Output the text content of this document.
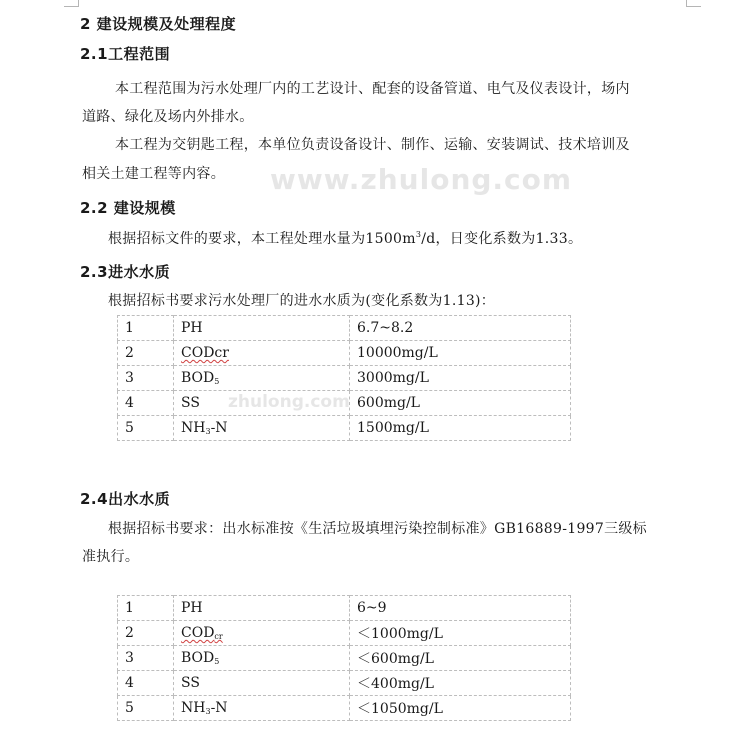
www.zhulong.com
zhulong.com
2 建设规模及处理程度
2.1工程范围
本工程范围为污水处理厂内的工艺设计、配套的设备管道、电气及仪表设计，场内
道路、绿化及场内外排水。
本工程为交钥匙工程，本单位负责设备设计、制作、运输、安装调试、技术培训及
相关土建工程等内容。
2.2 建设规模
根据招标文件的要求，本工程处理水量为$1500m^3/d$，日变化系数为1.33。
2.3进水水质
根据招标书要求污水处理厂的进水水质为(变化系数为1.13)：
1	PH	6.7~8.2
2	CODcr	10000mg/L
3	$BOD_5$	3000mg/L
4	SS	600mg/L
5	$NH_3-N$	1500mg/L
2.4出水水质
根据招标书要求：出水标准按《生活垃圾填埋污染控制标准》GB16889-1997三级标
准执行。
1	PH	6~9
2	$COD_{cr}$	＜1000mg/L
3	$BOD_5$	＜600mg/L
4	SS	＜400mg/L
5	$NH_3-N$	＜1050mg/L
